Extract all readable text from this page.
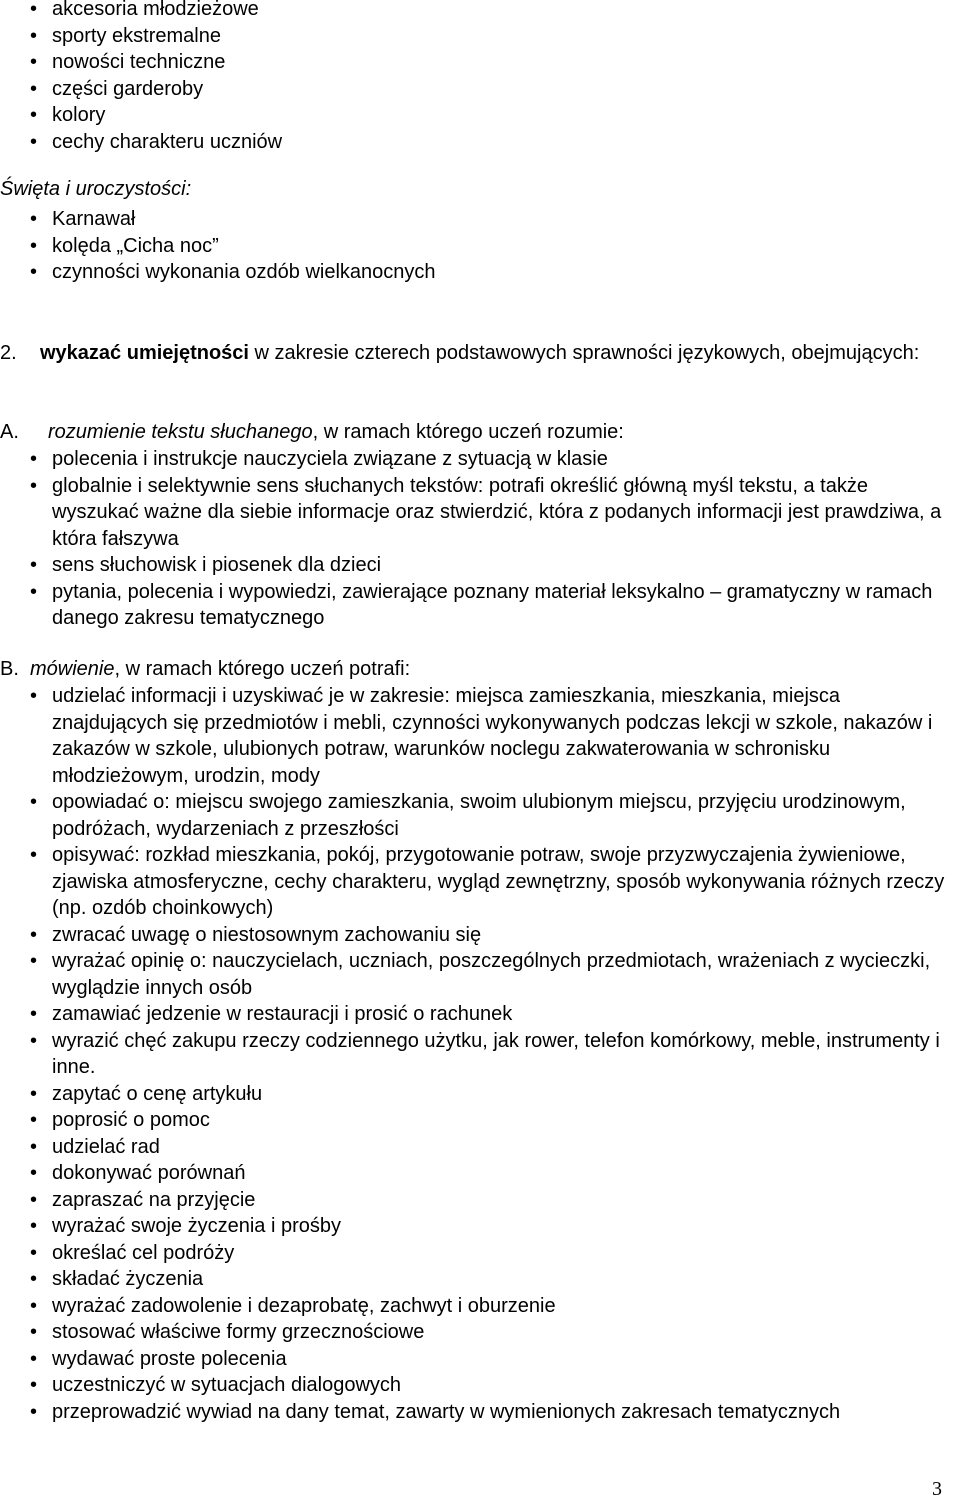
• akcesoria młodzieżowe
• sporty ekstremalne
• nowości techniczne
• części garderoby
• kolory
• cechy charakteru uczniów
Święta i uroczystości:
• Karnawał
• kolęda „Cicha noc”
• czynności wykonania ozdób wielkanocnych
2.	wykazać umiejętności w zakresie czterech podstawowych sprawności językowych, obejmujących:
A. rozumienie tekstu słuchanego, w ramach którego uczeń rozumie:
• polecenia i instrukcje nauczyciela związane z sytuacją w klasie
• globalnie i selektywnie sens słuchanych tekstów: potrafi określić główną myśl tekstu, a także wyszukać ważne dla siebie informacje oraz stwierdzić, która z podanych informacji jest prawdziwa, a która fałszywa
• sens słuchowisk i piosenek dla dzieci
• pytania, polecenia i wypowiedzi, zawierające poznany materiał leksykalno – gramatyczny w ramach danego zakresu tematycznego
B. mówienie, w ramach którego uczeń potrafi:
• udzielać informacji i uzyskiwać je w zakresie: miejsca zamieszkania, mieszkania, miejsca znajdujących się przedmiotów i mebli, czynności wykonywanych podczas lekcji w szkole, nakazów i zakazów w szkole, ulubionych potraw, warunków noclegu zakwaterowania w schronisku młodzieżowym, urodzin, mody
• opowiadać o: miejscu swojego zamieszkania, swoim ulubionym miejscu, przyjęciu urodzinowym, podróżach, wydarzeniach z przeszłości
• opisywać: rozkład mieszkania, pokój, przygotowanie potraw, swoje przyzwyczajenia żywieniowe, zjawiska atmosferyczne, cechy charakteru, wygląd zewnętrzny, sposób wykonywania różnych rzeczy (np. ozdób choinkowych)
• zwracać uwagę o niestosownym zachowaniu się
• wyrażać opinię o: nauczycielach, uczniach, poszczególnych przedmiotach, wrażeniach z wycieczki, wyglądzie innych osób
• zamawiać jedzenie w restauracji i prosić o rachunek
• wyrazić chęć zakupu rzeczy codziennego użytku, jak rower, telefon komórkowy, meble, instrumenty i inne.
• zapytać o cenę artykułu
• poprosić o pomoc
• udzielać rad
• dokonywać porównań
• zapraszać na przyjęcie
• wyrażać swoje życzenia i prośby
• określać cel podróży
• składać życzenia
• wyrażać zadowolenie i dezaprobatę, zachwyt i oburzenie
• stosować właściwe formy grzecznościowe
• wydawać proste polecenia
• uczestniczyć w sytuacjach dialogowych
• przeprowadzić wywiad na dany temat, zawarty w wymienionych zakresach tematycznych
3
